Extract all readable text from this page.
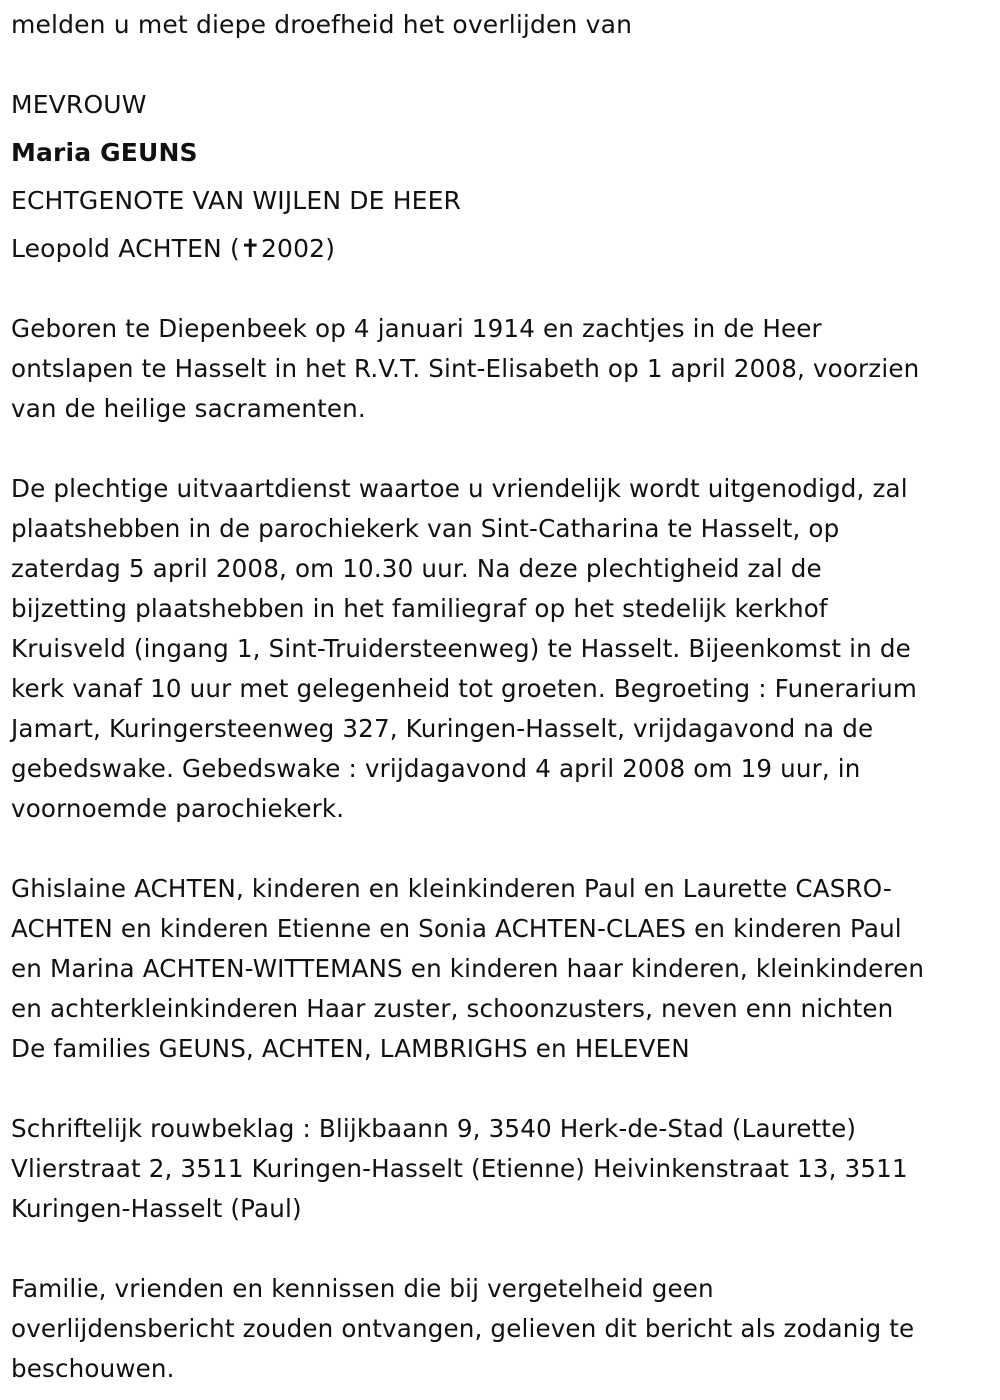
melden u met diepe droefheid het overlijden van
MEVROUW
Maria GEUNS
ECHTGENOTE VAN WIJLEN DE HEER
Leopold ACHTEN (✝2002)
Geboren te Diepenbeek op 4 januari 1914 en zachtjes in de Heer
ontslapen te Hasselt in het R.V.T. Sint-Elisabeth op 1 april 2008, voorzien
van de heilige sacramenten.
De plechtige uitvaartdienst waartoe u vriendelijk wordt uitgenodigd, zal
plaatshebben in de parochiekerk van Sint-Catharina te Hasselt, op
zaterdag 5 april 2008, om 10.30 uur. Na deze plechtigheid zal de
bijzetting plaatshebben in het familiegraf op het stedelijk kerkhof
Kruisveld (ingang 1, Sint-Truidersteenweg) te Hasselt. Bijeenkomst in de
kerk vanaf 10 uur met gelegenheid tot groeten. Begroeting : Funerarium
Jamart, Kuringersteenweg 327, Kuringen-Hasselt, vrijdagavond na de
gebedswake. Gebedswake : vrijdagavond 4 april 2008 om 19 uur, in
voornoemde parochiekerk.
Ghislaine ACHTEN, kinderen en kleinkinderen Paul en Laurette CASRO-
ACHTEN en kinderen Etienne en Sonia ACHTEN-CLAES en kinderen Paul
en Marina ACHTEN-WITTEMANS en kinderen haar kinderen, kleinkinderen
en achterkleinkinderen Haar zuster, schoonzusters, neven enn nichten
De families GEUNS, ACHTEN, LAMBRIGHS en HELEVEN
Schriftelijk rouwbeklag : Blijkbaann 9, 3540 Herk-de-Stad (Laurette)
Vlierstraat 2, 3511 Kuringen-Hasselt (Etienne) Heivinkenstraat 13, 3511
Kuringen-Hasselt (Paul)
Familie, vrienden en kennissen die bij vergetelheid geen
overlijdensbericht zouden ontvangen, gelieven dit bericht als zodanig te
beschouwen.
